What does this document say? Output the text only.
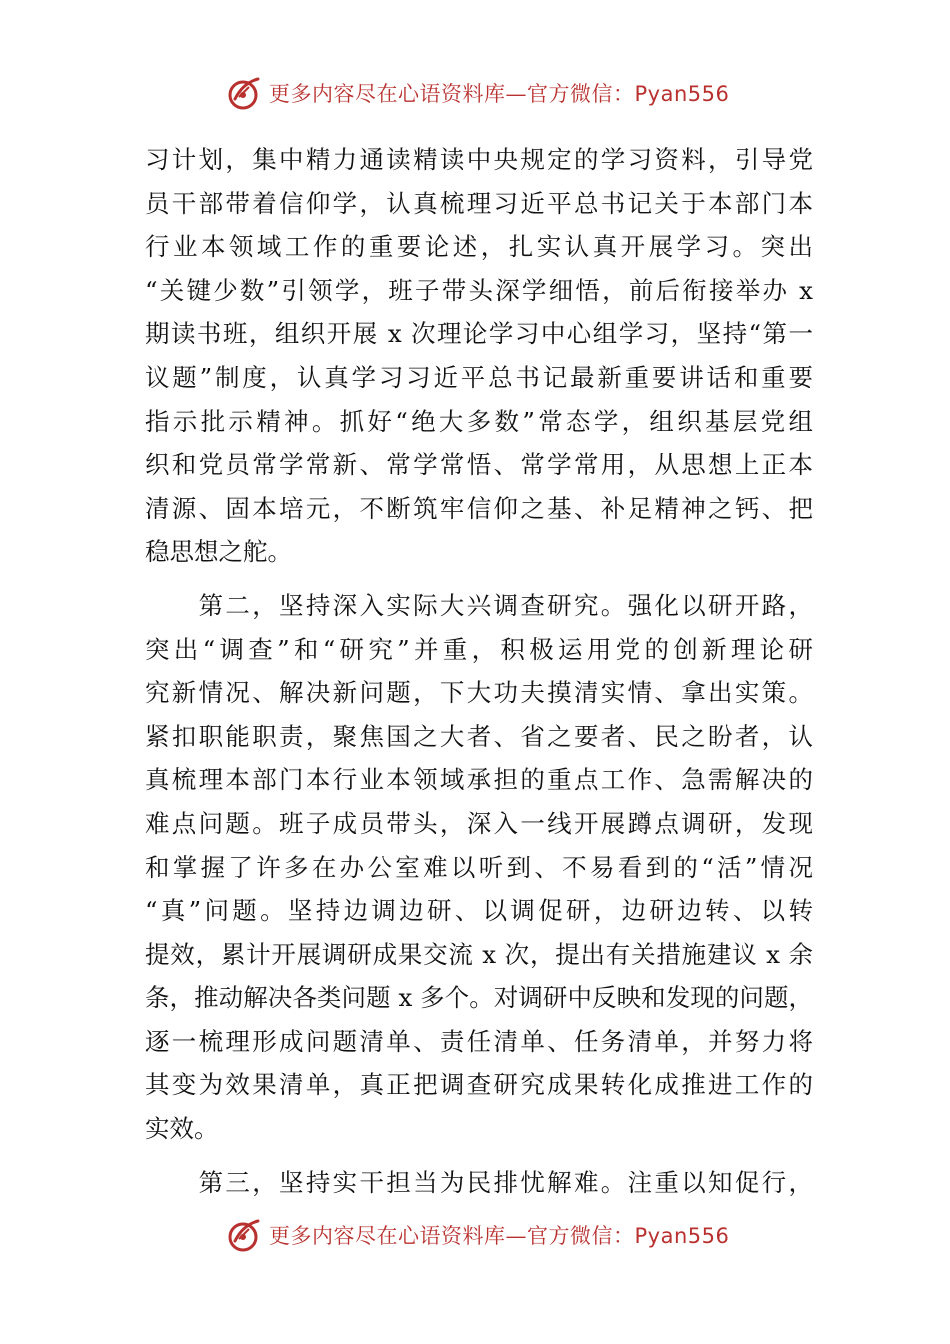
更多内容尽在心语资料库—官方微信：Pyan556
习计划，集中精力通读精读中央规定的学习资料，引导党
员干部带着信仰学，认真梳理习近平总书记关于本部门本
行业本领域工作的重要论述，扎实认真开展学习。突出
“关键少数”引领学，班子带头深学细悟，前后衔接举办 x
期读书班，组织开展 x 次理论学习中心组学习，坚持“第一
议题”制度，认真学习习近平总书记最新重要讲话和重要
指示批示精神。抓好“绝大多数”常态学，组织基层党组
织和党员常学常新、常学常悟、常学常用，从思想上正本
清源、固本培元，不断筑牢信仰之基、补足精神之钙、把
稳思想之舵。
　　第二，坚持深入实际大兴调查研究。强化以研开路，
突出“调查”和“研究”并重，积极运用党的创新理论研
究新情况、解决新问题，下大功夫摸清实情、拿出实策。
紧扣职能职责，聚焦国之大者、省之要者、民之盼者，认
真梳理本部门本行业本领域承担的重点工作、急需解决的
难点问题。班子成员带头，深入一线开展蹲点调研，发现
和掌握了许多在办公室难以听到、不易看到的“活”情况
“真”问题。坚持边调边研、以调促研，边研边转、以转
提效，累计开展调研成果交流 x 次，提出有关措施建议 x 余
条，推动解决各类问题 x 多个。对调研中反映和发现的问题，
逐一梳理形成问题清单、责任清单、任务清单，并努力将
其变为效果清单，真正把调查研究成果转化成推进工作的
实效。
　　第三，坚持实干担当为民排忧解难。注重以知促行，
更多内容尽在心语资料库—官方微信：Pyan556
